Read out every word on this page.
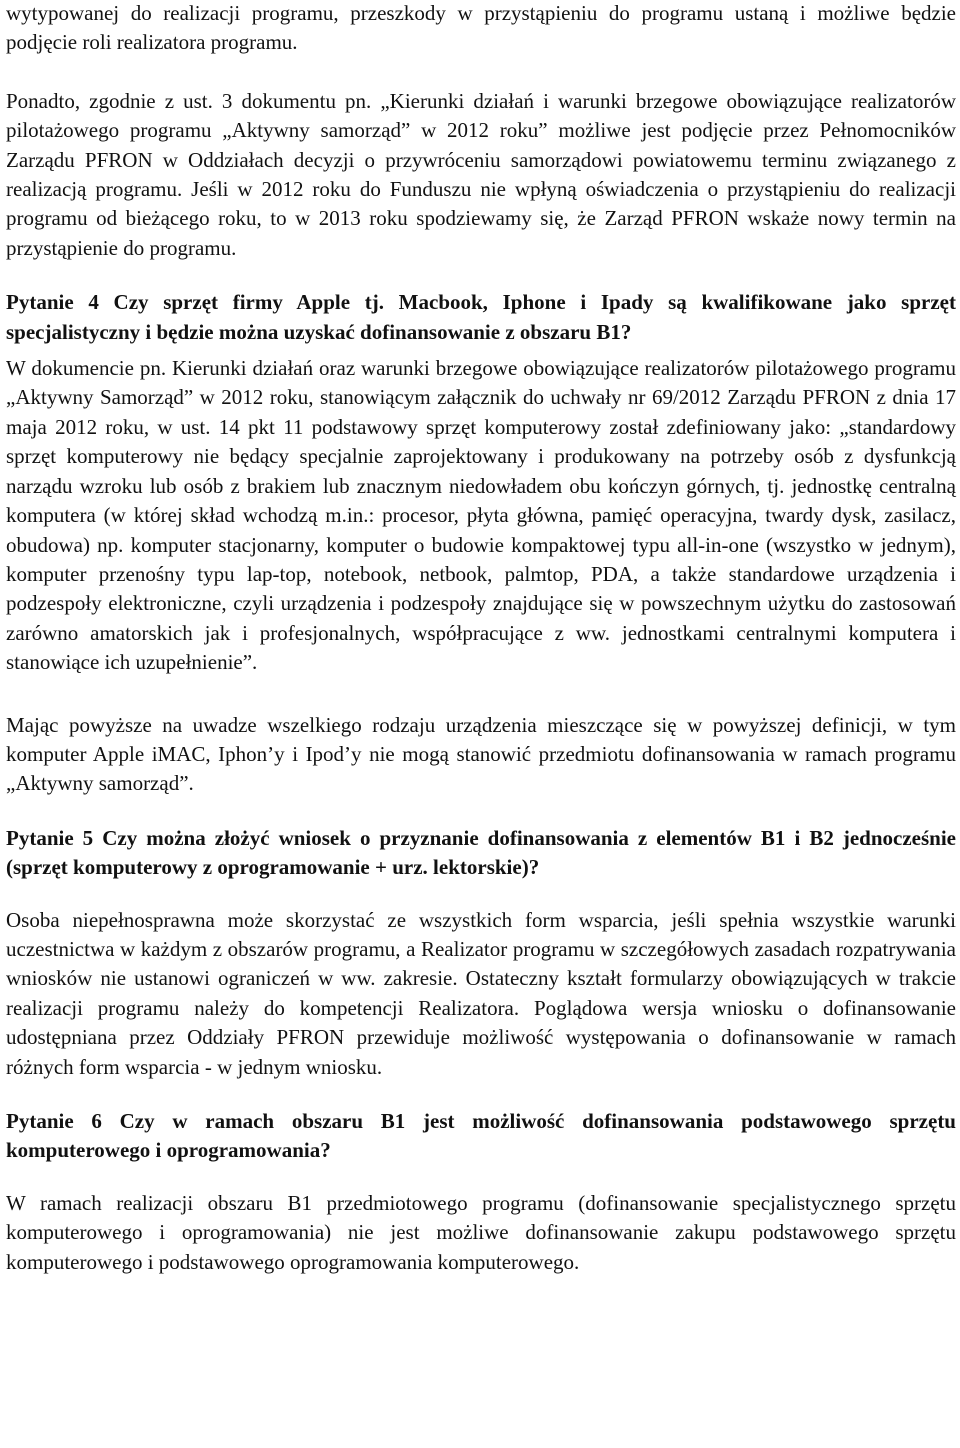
wytypowanej do realizacji programu, przeszkody w przystąpieniu do programu ustaną i możliwe będzie podjęcie roli realizatora programu.

Ponadto, zgodnie z ust. 3 dokumentu pn. „Kierunki działań i warunki brzegowe obowiązujące realizatorów pilotażowego programu „Aktywny samorząd” w 2012 roku” możliwe jest podjęcie przez Pełnomocników Zarządu PFRON w Oddziałach decyzji o przywróceniu samorządowi powiatowemu terminu związanego z realizacją programu. Jeśli w 2012 roku do Funduszu nie wpłyną oświadczenia o przystąpieniu do realizacji programu od bieżącego roku, to w 2013 roku spodziewamy się, że Zarząd PFRON wskaże nowy termin na przystąpienie do programu.

Pytanie 4 Czy sprzęt firmy Apple tj. Macbook, Iphone i Ipady są kwalifikowane jako sprzęt specjalistyczny i będzie można uzyskać dofinansowanie z obszaru B1?

W dokumencie pn. Kierunki działań oraz warunki brzegowe obowiązujące realizatorów pilotażowego programu „Aktywny Samorząd” w 2012 roku, stanowiącym załącznik do uchwały nr 69/2012 Zarządu PFRON z dnia 17 maja 2012 roku, w ust. 14 pkt 11 podstawowy sprzęt komputerowy został zdefiniowany jako: „standardowy sprzęt komputerowy nie będący specjalnie zaprojektowany i produkowany na potrzeby osób z dysfunkcją narządu wzroku lub osób z brakiem lub znacznym niedowładem obu kończyn górnych, tj. jednostkę centralną komputera (w której skład wchodzą m.in.: procesor, płyta główna, pamięć operacyjna, twardy dysk, zasilacz, obudowa) np. komputer stacjonarny, komputer o budowie kompaktowej typu all-in-one (wszystko w jednym), komputer przenośny typu lap-top, notebook, netbook, palmtop, PDA, a także standardowe urządzenia i podzespoły elektroniczne, czyli urządzenia i podzespoły znajdujące się w powszechnym użytku do zastosowań zarówno amatorskich jak i profesjonalnych, współpracujące z ww. jednostkami centralnymi komputera i stanowiące ich uzupełnienie”.

Mając powyższe na uwadze wszelkiego rodzaju urządzenia mieszczące się w powyższej definicji, w tym komputer Apple iMAC, Iphon’y i Ipod’y nie mogą stanowić przedmiotu dofinansowania w ramach programu „Aktywny samorząd”.

Pytanie 5 Czy można złożyć wniosek o przyznanie dofinansowania z elementów B1 i B2 jednocześnie (sprzęt komputerowy z oprogramowanie + urz. lektorskie)?

Osoba niepełnosprawna może skorzystać ze wszystkich form wsparcia, jeśli spełnia wszystkie warunki uczestnictwa w każdym z obszarów programu, a Realizator programu w szczegółowych zasadach rozpatrywania wniosków nie ustanowi ograniczeń w ww. zakresie. Ostateczny kształt formularzy obowiązujących w trakcie realizacji programu należy do kompetencji Realizatora. Poglądowa wersja wniosku o dofinansowanie udostępniana przez Oddziały PFRON przewiduje możliwość występowania o dofinansowanie w ramach różnych form wsparcia - w jednym wniosku.

Pytanie 6 Czy w ramach obszaru B1 jest możliwość dofinansowania podstawowego sprzętu komputerowego i oprogramowania?

W ramach realizacji obszaru B1 przedmiotowego programu (dofinansowanie specjalistycznego sprzętu komputerowego i oprogramowania) nie jest możliwe dofinansowanie zakupu podstawowego sprzętu komputerowego i podstawowego oprogramowania komputerowego.
